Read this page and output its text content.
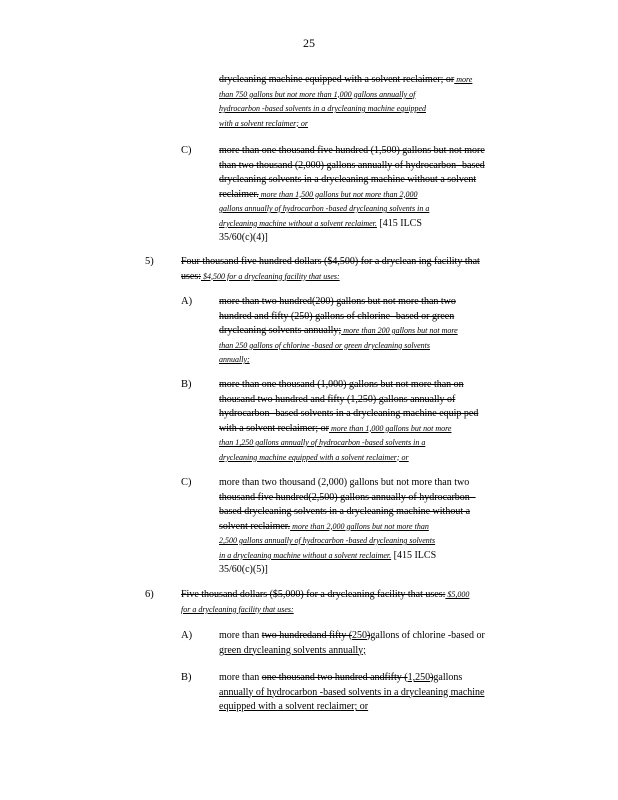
25
drycleaning machine equipped with a solvent reclaimer; or more
than 750 gallons but not more than 1,000 gallons annually of
hydrocarbon -based solvents in a drycleaning machine equipped
with a solvent reclaimer; or
C)	more than one thousand five hundred (1,500) gallons but not more
than two thousand (2,000) gallons annually of hydrocarbon -based
drycleaning solvents in a drycleaning machine without a solvent
reclaimer. more than 1,500 gallons but not more than 2,000
gallons annually of hydrocarbon -based drycleaning solvents in a
drycleaning machine without a solvent reclaimer. [415 ILCS
35/60(c)(4)]
5)	Four thousand five hundred dollars ($4,500) for a dryclean ing facility that
uses: $4,500 for a drycleaning facility that uses:
A)	more than two hundred(200) gallons but not more than two
hundred and fifty (250) gallons of chlorine -based or green
drycleaning solvents annually; more than 200 gallons but not more
than 250 gallons of chlorine -based or green drycleaning solvents
annually;
B)	more than one thousand (1,000) gallons but not more than on
thousand two hundred and fifty (1,250) gallons annually of
hydrocarbon -based solvents in a drycleaning machine equip ped
with a solvent reclaimer; or more than 1,000 gallons but not more
than 1,250 gallons annually of hydrocarbon -based solvents in a
drycleaning machine equipped with a solvent reclaimer; or
C)	more than two thousand (2,000) gallons but not more than two
thousand five hundred(2,500) gallons annually of hydrocarbon -
based drycleaning solvents in a drycleaning machine without a
solvent reclaimer. more than 2,000 gallons but not more than
2,500 gallons annually of hydrocarbon -based drycleaning solvents
in a drycleaning machine without a solvent reclaimer. [415 ILCS
35/60(c)(5)]
6)	Five thousand dollars ($5,000) for a drycleaning facility that uses: $5,000
for a drycleaning facility that uses:
A)	more than two hundredand fifty (250)gallons of chlorine -based or
green drycleaning solvents annually;
B)	more than one thousand two hundred andfifty (1,250)gallons
annually of hydrocarbon -based solvents in a drycleaning machine
equipped with a solvent reclaimer; or
